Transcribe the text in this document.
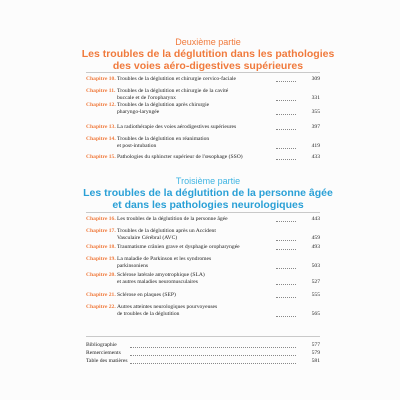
Deuxième partie
Les troubles de la déglutition dans les pathologies
des voies aéro-digestives supérieures
Chapitre 10. Troubles de la déglutition et chirurgie cervico-faciale	309
Chapitre 11. Troubles de la déglutition et chirurgie de la cavité
buccale et de l'oropharynx	331
Chapitre 12. Troubles de la déglutition après chirurgie
pharyngo-laryngée	355
Chapitre 13. La radiothérapie des voies aérodigestives supérieures	397
Chapitre 14. Troubles de la déglutition en réanimation
et post-intubation	419
Chapitre 15. Pathologies du sphincter supérieur de l'œsophage (SSO)	433
Troisième partie
Les troubles de la déglutition de la personne âgée
et dans les pathologies neurologiques
Chapitre 16. Les troubles de la déglutition de la personne âgée	443
Chapitre 17. Troubles de la déglutition après un Accident
Vasculaire Cérébral (AVC)	459
Chapitre 18. Traumatisme crânien grave et dysphagie oropharyngée	493
Chapitre 19. La maladie de Parkinson et les syndromes
parkinsoniens	503
Chapitre 20. Sclérose latérale amyotrophique (SLA)
et autres maladies neuromusculaires	527
Chapitre 21. Sclérose en plaques (SEP)	555
Chapitre 22. Autres atteintes neurologiques pourvoyeuses
de troubles de la déglutition	565
Bibliographie	577
Remerciements	579
Table des matières	581
